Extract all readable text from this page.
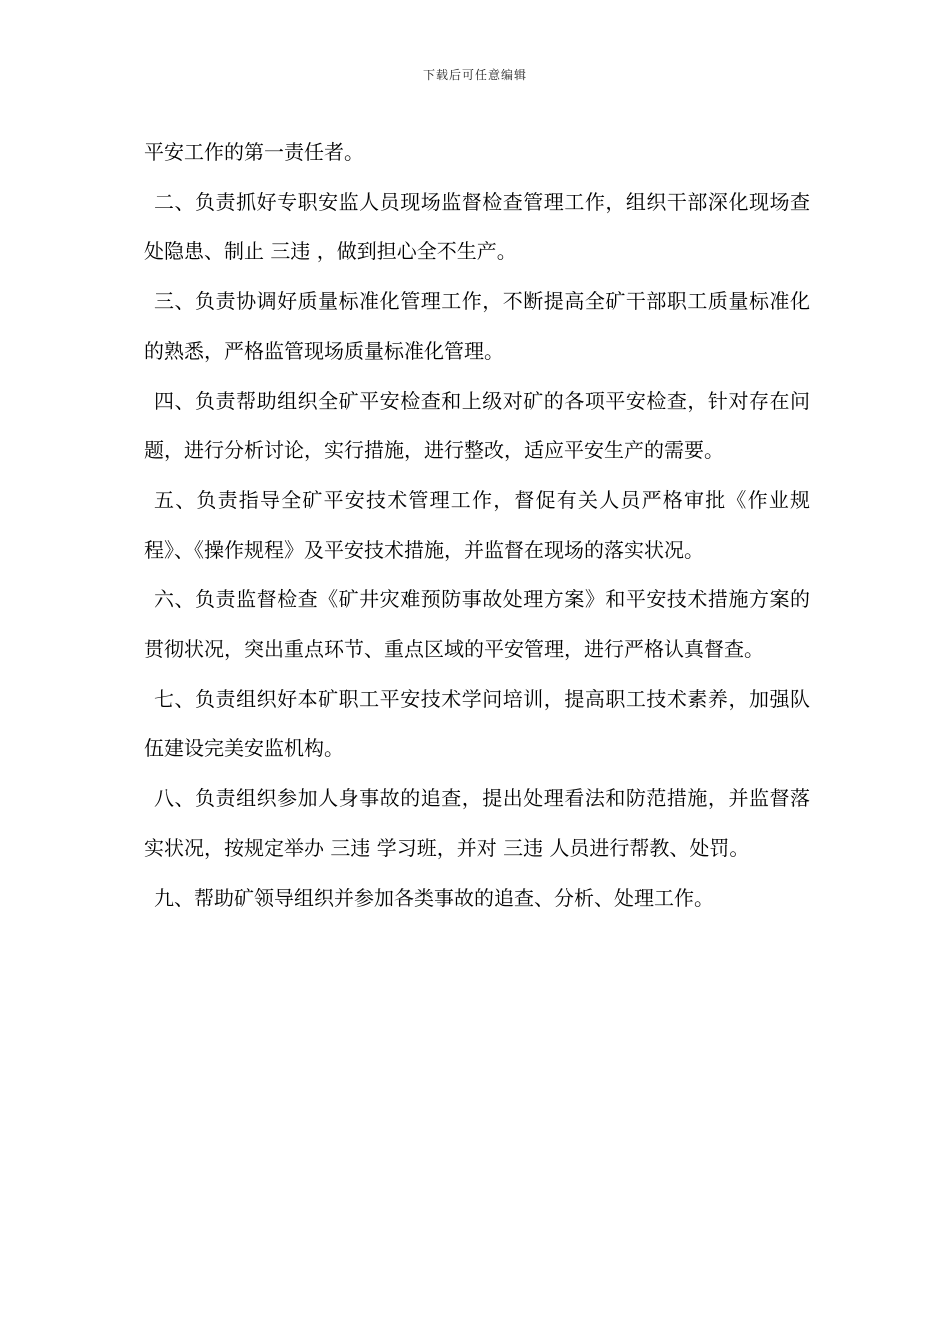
下载后可任意编辑

平安工作的第一责任者。

二、负责抓好专职安监人员现场监督检查管理工作，组织干部深化现场查处隐患、制止 三违 ，做到担心全不生产。

三、负责协调好质量标准化管理工作，不断提高全矿干部职工质量标准化的熟悉，严格监管现场质量标准化管理。

四、负责帮助组织全矿平安检查和上级对矿的各项平安检查，针对存在问题，进行分析讨论，实行措施，进行整改，适应平安生产的需要。

五、负责指导全矿平安技术管理工作，督促有关人员严格审批《作业规程》、《操作规程》及平安技术措施，并监督在现场的落实状况。

六、负责监督检查《矿井灾难预防事故处理方案》和平安技术措施方案的贯彻状况，突出重点环节、重点区域的平安管理，进行严格认真督查。

七、负责组织好本矿职工平安技术学问培训，提高职工技术素养，加强队伍建设完美安监机构。

八、负责组织参加人身事故的追查，提出处理看法和防范措施，并监督落实状况，按规定举办 三违 学习班，并对 三违 人员进行帮教、处罚。

九、帮助矿领导组织并参加各类事故的追查、分析、处理工作。
